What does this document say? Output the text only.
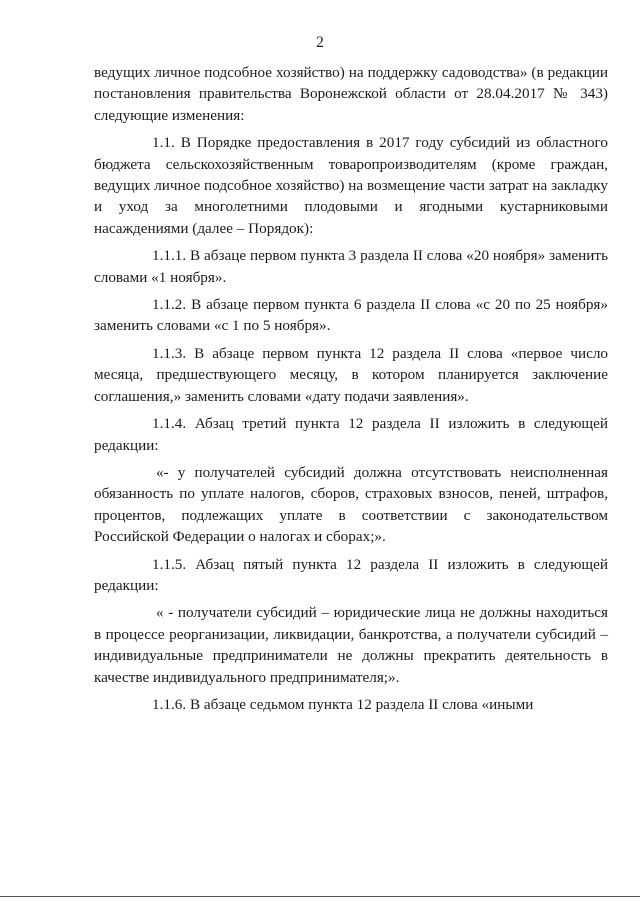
2

ведущих личное подсобное хозяйство) на поддержку садоводства» (в редакции постановления правительства Воронежской области от 28.04.2017 № 343) следующие изменения:

1.1. В Порядке предоставления в 2017 году субсидий из областного бюджета сельскохозяйственным товаропроизводителям (кроме граждан, ведущих личное подсобное хозяйство) на возмещение части затрат на закладку и уход за многолетними плодовыми и ягодными кустарниковыми насаждениями (далее – Порядок):

1.1.1. В абзаце первом пункта 3 раздела II слова «20 ноября» заменить словами «1 ноября».

1.1.2. В абзаце первом пункта 6 раздела II слова «с 20 по 25 ноября» заменить словами «с 1 по 5 ноября».

1.1.3. В абзаце первом пункта 12 раздела II слова «первое число месяца, предшествующего месяцу, в котором планируется заключение соглашения,» заменить словами «дату подачи заявления».

1.1.4. Абзац третий пункта 12 раздела II изложить в следующей редакции:

«- у получателей субсидий должна отсутствовать неисполненная обязанность по уплате налогов, сборов, страховых взносов, пеней, штрафов, процентов, подлежащих уплате в соответствии с законодательством Российской Федерации о налогах и сборах;».

1.1.5. Абзац пятый пункта 12 раздела II изложить в следующей редакции:

« - получатели субсидий – юридические лица не должны находиться в процессе реорганизации, ликвидации, банкротства, а получатели субсидий – индивидуальные предприниматели не должны прекратить деятельность в качестве индивидуального предпринимателя;».

1.1.6. В абзаце седьмом пункта 12 раздела II слова «иными
